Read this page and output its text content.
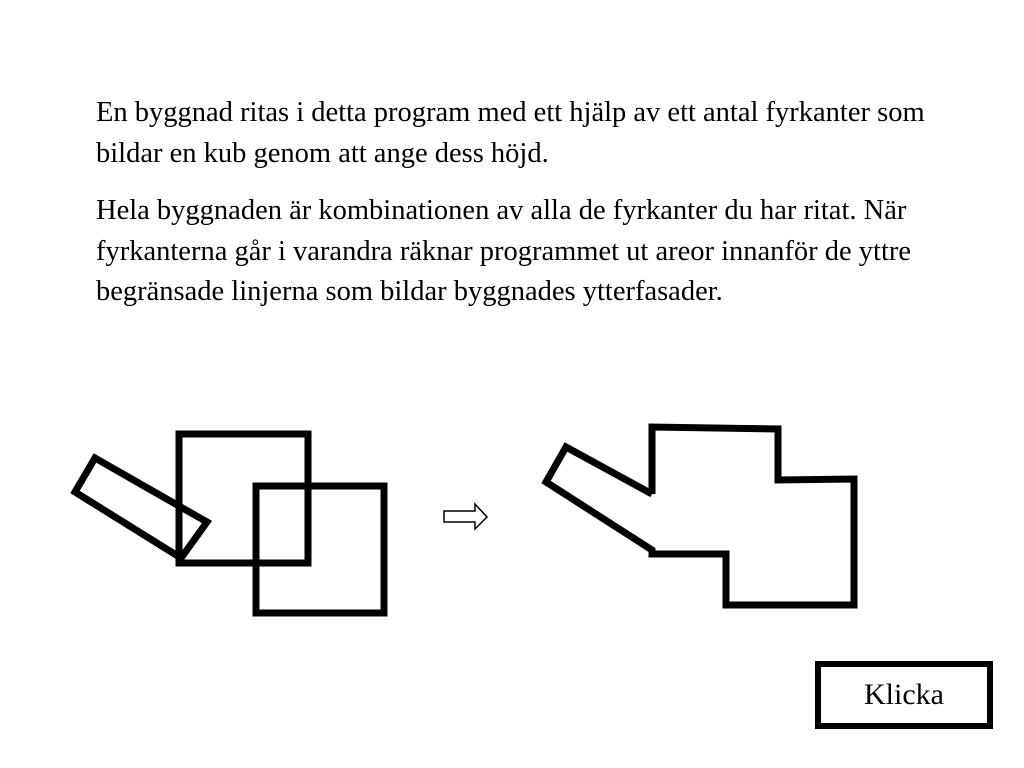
En byggnad ritas i detta program med ett hjälp av ett antal fyrkanter som bildar en kub genom att ange dess höjd.

Hela byggnaden är kombinationen av alla de fyrkanter du har ritat. När fyrkanterna går i varandra räknar programmet ut areor innanför de yttre begränsade linjerna som bildar byggnades ytterfasader.

Klicka
